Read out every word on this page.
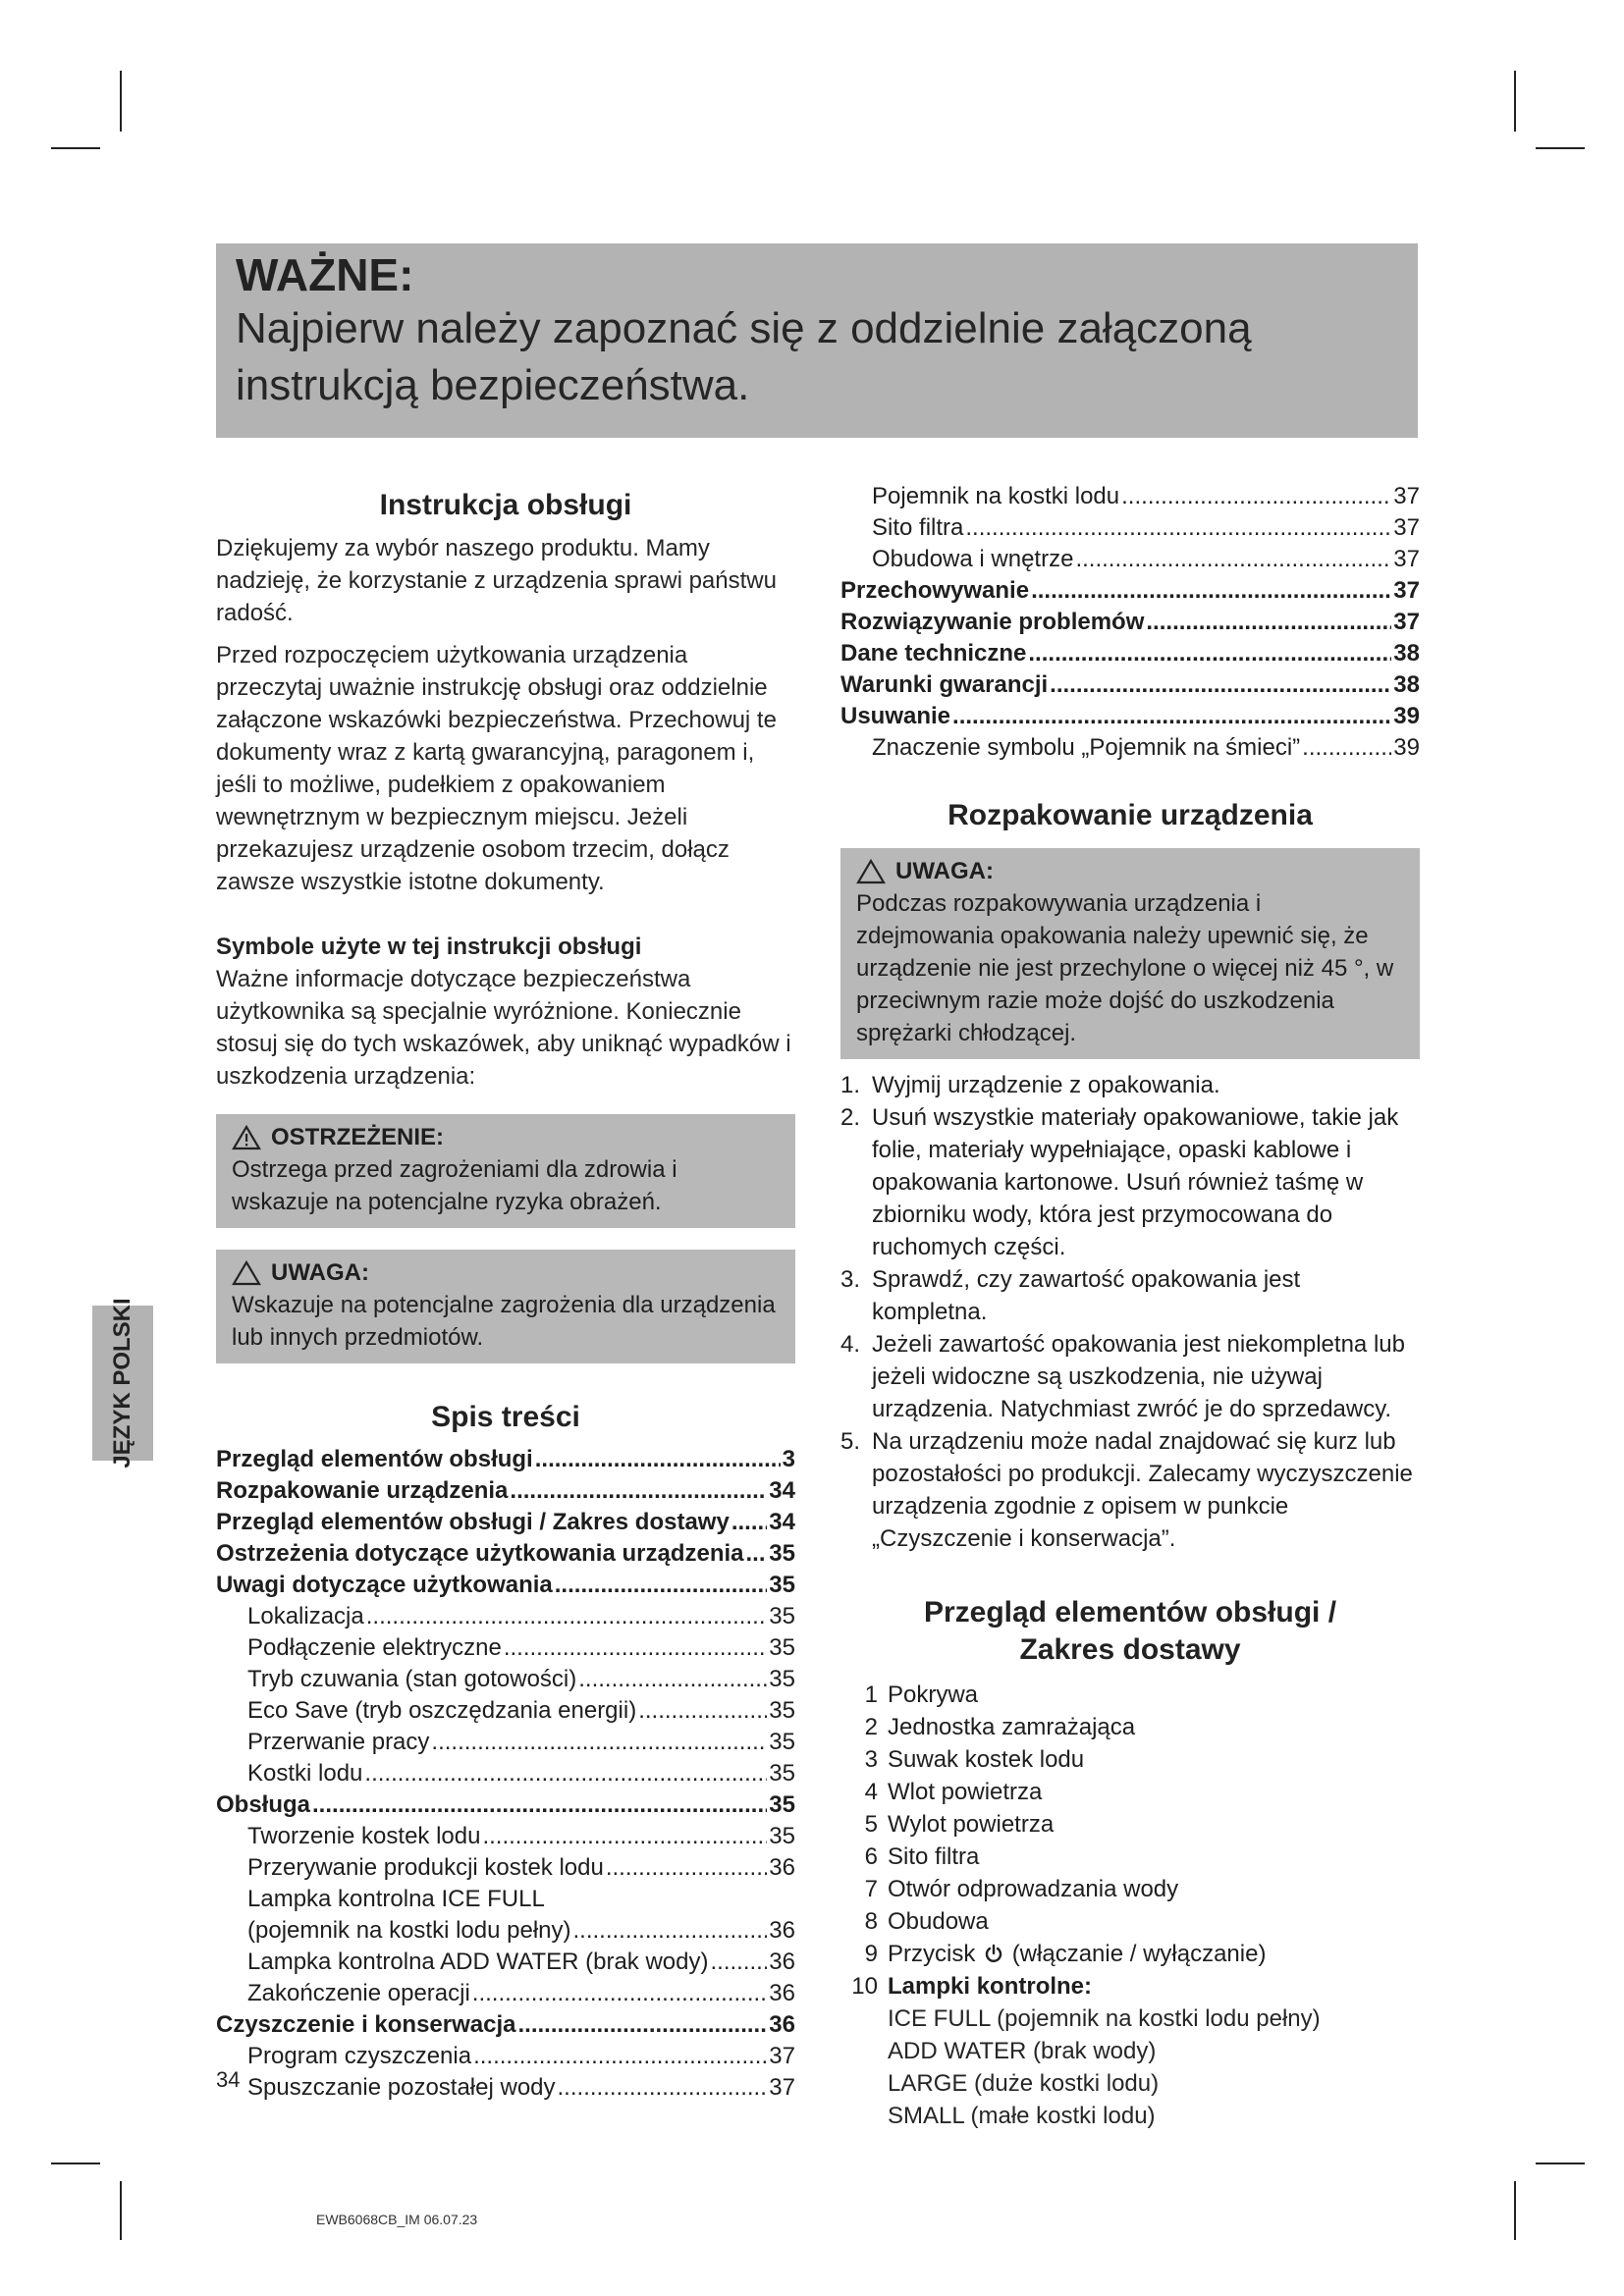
WAŻNE:
Najpierw należy zapoznać się z oddzielnie załączoną instrukcją bezpieczeństwa.
Instrukcja obsługi

Dziękujemy za wybór naszego produktu. Mamy nadzieję, że korzystanie z urządzenia sprawi państwu radość.

Przed rozpoczęciem użytkowania urządzenia przeczytaj uważnie instrukcję obsługi oraz oddzielnie załączone wskazówki bezpieczeństwa. Przechowuj te dokumenty wraz z kartą gwarancyjną, paragonem i, jeśli to możliwe, pudełkiem z opakowaniem wewnętrznym w bezpiecznym miejscu. Jeżeli przekazujesz urządzenie osobom trzecim, dołącz zawsze wszystkie istotne dokumenty.

Symbole użyte w tej instrukcji obsługi

Ważne informacje dotyczące bezpieczeństwa użytkownika są specjalnie wyróżnione. Koniecznie stosuj się do tych wskazówek, aby uniknąć wypadków i uszkodzenia urządzenia:

OSTRZEŻENIE:
Ostrzega przed zagrożeniami dla zdrowia i wskazuje na potencjalne ryzyka obrażeń.
UWAGA:
Wskazuje na potencjalne zagrożenia dla urządzenia lub innych przedmiotów.
Spis treści
Przegląd elementów obsługi .....	3
Rozpakowanie urządzenia .....	34
Przegląd elementów obsługi / Zakres dostawy ..... 34
Ostrzeżenia dotyczące użytkowania urządzenia ..... 35
Uwagi dotyczące użytkowania .....	35
Lokalizacja .....	35
Podłączenie elektryczne .....	35
Tryb czuwania (stan gotowości) .....	35
Eco Save (tryb oszczędzania energii) .....	35
Przerwanie pracy .....	35
Kostki lodu .....	35
Obsługa .....	35
Tworzenie kostek lodu .....	35
Przerywanie produkcji kostek lodu .....	36
Lampka kontrolna ICE FULL
(pojemnik na kostki lodu pełny) .....	36
Lampka kontrolna ADD WATER (brak wody) .....	36
Zakończenie operacji .....	36
Czyszczenie i konserwacja .....	36
Program czyszczenia .....	37
Spuszczanie pozostałej wody .....	37
Pojemnik na kostki lodu .....	37
Sito filtra .....	37
Obudowa i wnętrze .....	37
Przechowywanie .....	37
Rozwiązywanie problemów .....	37
Dane techniczne .....	38
Warunki gwarancji .....	38
Usuwanie .....	39
Znaczenie symbolu „Pojemnik na śmieci” .....	39
Rozpakowanie urządzenia
UWAGA:
Podczas rozpakowywania urządzenia i zdejmowania opakowania należy upewnić się, że urządzenie nie jest przechylone o więcej niż 45 °, w przeciwnym razie może dojść do uszkodzenia sprężarki chłodzącej.
1. Wyjmij urządzenie z opakowania.
2. Usuń wszystkie materiały opakowaniowe, takie jak folie, materiały wypełniające, opaski kablowe i opakowania kartonowe. Usuń również taśmę w zbiorniku wody, która jest przymocowana do ruchomych części.
3. Sprawdź, czy zawartość opakowania jest kompletna.
4. Jeżeli zawartość opakowania jest niekompletna lub jeżeli widoczne są uszkodzenia, nie używaj urządzenia. Natychmiast zwróć je do sprzedawcy.
5. Na urządzeniu może nadal znajdować się kurz lub pozostałości po produkcji. Zalecamy wyczyszczenie urządzenia zgodnie z opisem w punkcie „Czyszczenie i konserwacja”.
Przegląd elementów obsługi /
Zakres dostawy
1 Pokrywa
2 Jednostka zamrażająca
3 Suwak kostek lodu
4 Wlot powietrza
5 Wylot powietrza
6 Sito filtra
7 Otwór odprowadzania wody
8 Obudowa
9 Przycisk (włączanie / wyłączanie)
10 Lampki kontrolne:
ICE FULL (pojemnik na kostki lodu pełny)
ADD WATER (brak wody)
LARGE (duże kostki lodu)
SMALL (małe kostki lodu)
JĘZYK POLSKI
34
EWB6068CB_IM 06.07.23
